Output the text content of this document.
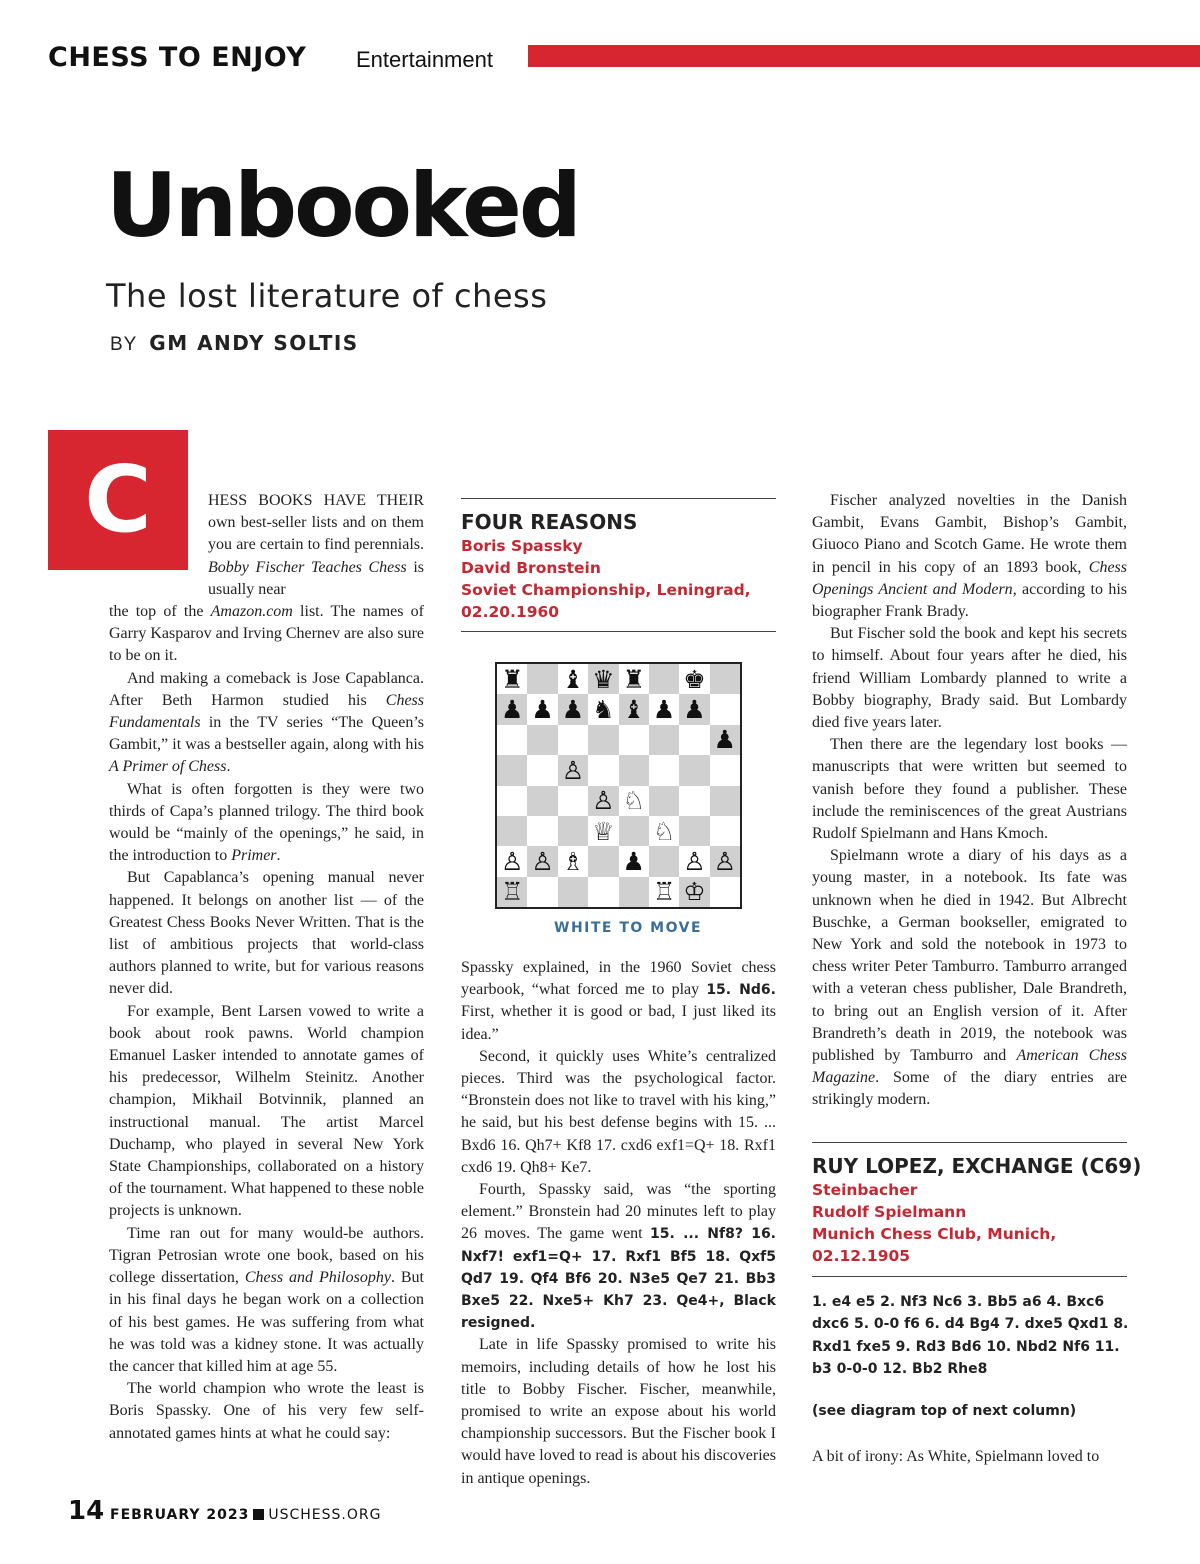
CHESS TO ENJOY Entertainment
Unbooked
The lost literature of chess
BY GM ANDY SOLTIS
C	HESS BOOKS HAVE THEIR own best-seller lists and on them you are certain to find perennials. Bobby Fischer Teaches Chess is usually near

the top of the Amazon.com list. The names of Garry Kasparov and Irving Chernev are also sure to be on it.

And making a comeback is Jose Capablanca. After Beth Harmon studied his Chess Fundamentals in the TV series “The Queen’s Gambit,” it was a bestseller again, along with his A Primer of Chess.

What is often forgotten is they were two thirds of Capa’s planned trilogy. The third book would be “mainly of the openings,” he said, in the introduction to Primer.

But Capablanca’s opening manual never happened. It belongs on another list — of the Greatest Chess Books Never Written. That is the list of ambitious projects that world-class authors planned to write, but for various reasons never did.

For example, Bent Larsen vowed to write a book about rook pawns. World champion Emanuel Lasker intended to annotate games of his predecessor, Wilhelm Steinitz. Another champion, Mikhail Botvinnik, planned an instructional manual. The artist Marcel Duchamp, who played in several New York State Championships, collaborated on a history of the tournament. What happened to these noble projects is unknown.

Time ran out for many would-be authors. Tigran Petrosian wrote one book, based on his college dissertation, Chess and Philosophy. But in his final days he began work on a collection of his best games. He was suffering from what he was told was a kidney stone. It was actually the cancer that killed him at age 55.

The world champion who wrote the least is Boris Spassky. One of his very few self-annotated games hints at what he could say:

FOUR REASONS
Boris Spassky
David Bronstein
Soviet Championship, Leningrad,
02.20.1960
♜ ♝ ♛ ♜ ♚
♟ ♟ ♟ ♞ ♝ ♟ ♟
♟
♙
♙ ♘
♕ ♘
♙ ♙ ♗ ♟ ♙ ♙
♖	♖ ♔
WHITE TO MOVE

Spassky explained, in the 1960 Soviet chess yearbook, “what forced me to play 15. Nd6. First, whether it is good or bad, I just liked its idea.”

Second, it quickly uses White’s centralized pieces. Third was the psychological factor. “Bronstein does not like to travel with his king,” he said, but his best defense begins with 15. ... Bxd6 16. Qh7+ Kf8 17. cxd6 exf1=Q+ 18. Rxf1 cxd6 19. Qh8+ Ke7.

Fourth, Spassky said, was “the sporting element.” Bronstein had 20 minutes left to play 26 moves. The game went 15. ... Nf8? 16. Nxf7! exf1=Q+ 17. Rxf1 Bf5 18. Qxf5 Qd7 19. Qf4 Bf6 20. N3e5 Qe7 21. Bb3 Bxe5 22. Nxe5+ Kh7 23. Qe4+, Black resigned.

Late in life Spassky promised to write his memoirs, including details of how he lost his title to Bobby Fischer. Fischer, meanwhile, promised to write an expose about his world championship successors. But the Fischer book I would have loved to read is about his discoveries in antique openings.

Fischer analyzed novelties in the Danish Gambit, Evans Gambit, Bishop’s Gambit, Giuoco Piano and Scotch Game. He wrote them in pencil in his copy of an 1893 book, Chess Openings Ancient and Modern, according to his biographer Frank Brady.

But Fischer sold the book and kept his secrets to himself. About four years after he died, his friend William Lombardy planned to write a Bobby biography, Brady said. But Lombardy died five years later.

Then there are the legendary lost books — manuscripts that were written but seemed to vanish before they found a publisher. These include the reminiscences of the great Austrians Rudolf Spielmann and Hans Kmoch.

Spielmann wrote a diary of his days as a young master, in a notebook. Its fate was unknown when he died in 1942. But Albrecht Buschke, a German bookseller, emigrated to New York and sold the notebook in 1973 to chess writer Peter Tamburro. Tamburro arranged with a veteran chess publisher, Dale Brandreth, to bring out an English version of it. After Brandreth’s death in 2019, the notebook was published by Tamburro and American Chess Magazine. Some of the diary entries are strikingly modern.

RUY LOPEZ, EXCHANGE (C69)
Steinbacher
Rudolf Spielmann
Munich Chess Club, Munich,
02.12.1905
1. e4 e5 2. Nf3 Nc6 3. Bb5 a6 4. Bxc6 dxc6 5. 0-0 f6 6. d4 Bg4 7. dxe5 Qxd1 8. Rxd1 fxe5 9. Rd3 Bd6 10. Nbd2 Nf6 11. b3 0-0-0 12. Bb2 Rhe8
(see diagram top of next column)

A bit of irony: As White, Spielmann loved to

14 FEBRUARY 2023 USCHESS.ORG
